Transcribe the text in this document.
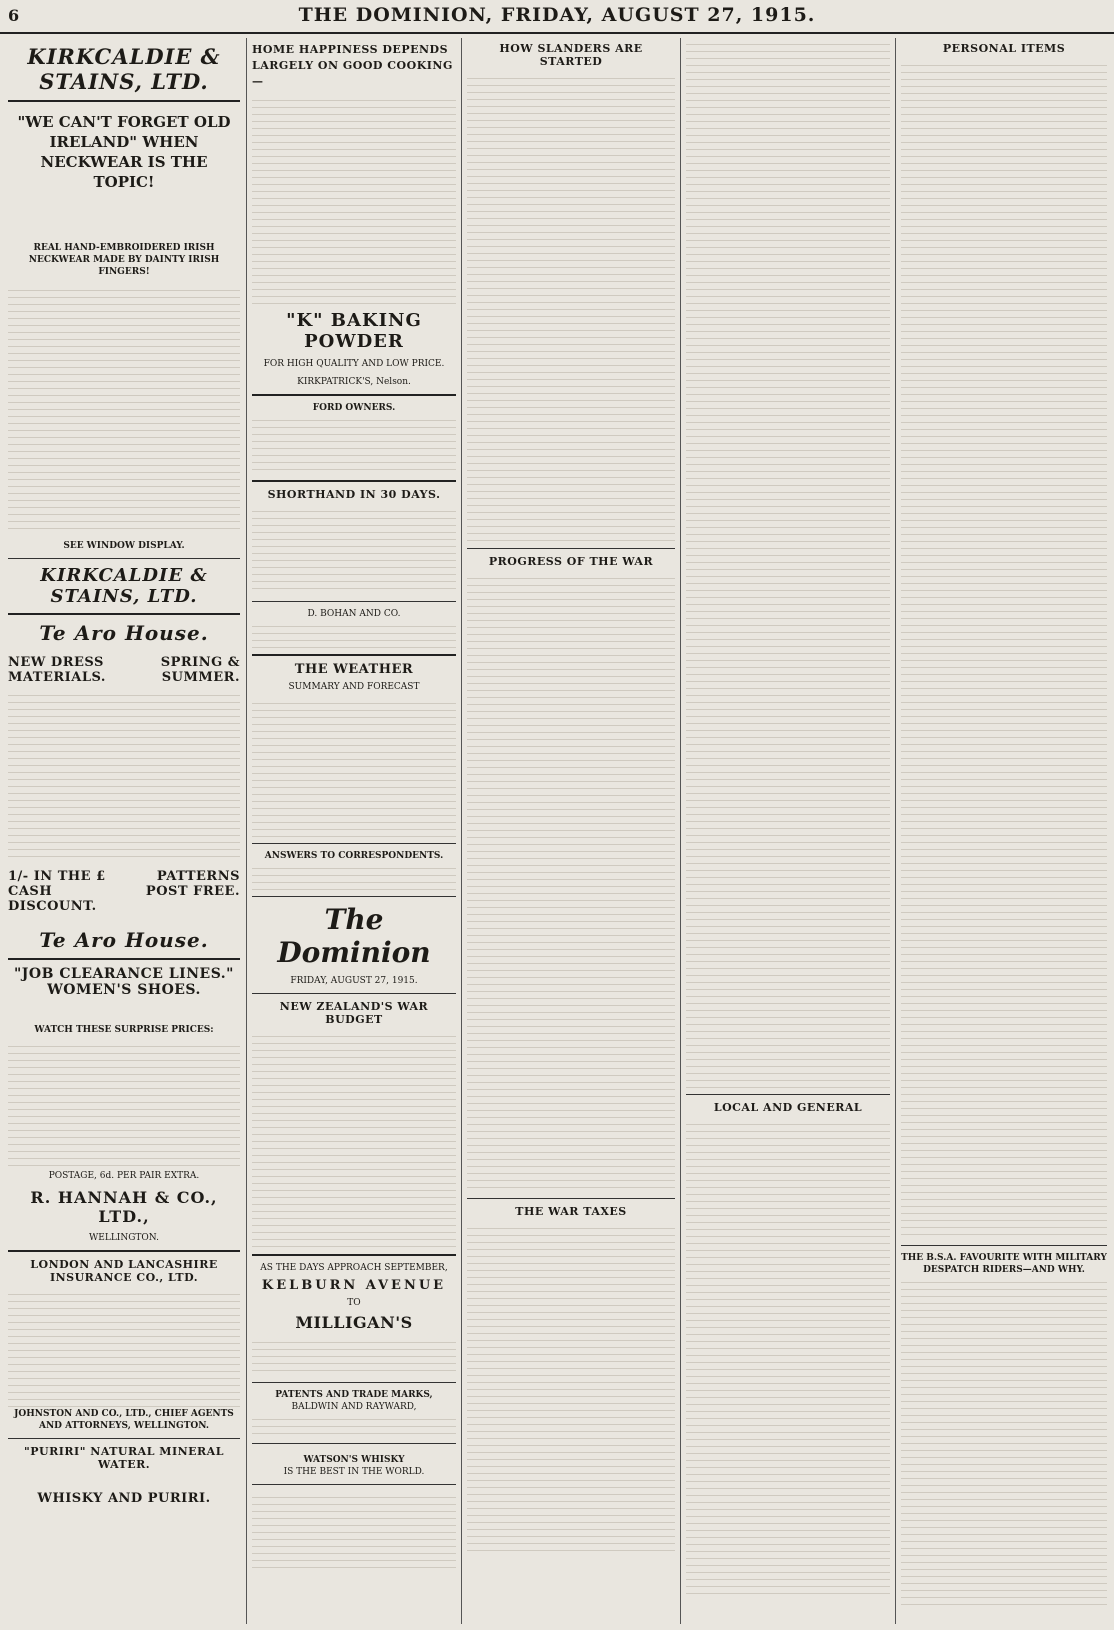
6	THE DOMINION, FRIDAY, AUGUST 27, 1915.
KIRKCALDIE & STAINS, LTD.
"WE CAN'T FORGET OLD IRELAND" WHEN NECKWEAR IS THE TOPIC!
REAL HAND-EMBROIDERED IRISH NECKWEAR MADE BY DAINTY IRISH FINGERS!
SEE WINDOW DISPLAY.
KIRKCALDIE & STAINS, LTD.
Te Aro House.
NEW DRESS MATERIALS.
SPRING & SUMMER.
1/- IN THE £ CASH DISCOUNT.
PATTERNS POST FREE.
Te Aro House.
"JOB CLEARANCE LINES." WOMEN'S SHOES.
WATCH THESE SURPRISE PRICES:
POSTAGE, 6d. PER PAIR EXTRA.
R. HANNAH & CO., LTD.,
WELLINGTON.
LONDON AND LANCASHIRE INSURANCE CO., LTD.
JOHNSTON AND CO., LTD., CHIEF AGENTS AND ATTORNEYS, WELLINGTON.
"PURIRI" NATURAL MINERAL WATER.
WHISKY AND PURIRI.
HOME HAPPINESS DEPENDS LARGELY ON GOOD COOKING—
"K" BAKING POWDER
FOR HIGH QUALITY AND LOW PRICE.
KIRKPATRICK'S, Nelson.
FORD OWNERS.
SHORTHAND IN 30 DAYS.
D. BOHAN AND CO.
THE WEATHER
SUMMARY AND FORECAST
ANSWERS TO CORRESPONDENTS.
The Dominion
FRIDAY, AUGUST 27, 1915.
NEW ZEALAND'S WAR BUDGET
HOW SLANDERS ARE STARTED
PROGRESS OF THE WAR
THE WAR TAXES
LOCAL AND GENERAL
PERSONAL ITEMS
THE B.S.A. FAVOURITE WITH MILITARY DESPATCH RIDERS—AND WHY.
AS THE DAYS APPROACH SEPTEMBER,
KELBURN AVENUE
TO
MILLIGAN'S
PATENTS AND TRADE MARKS,
BALDWIN AND RAYWARD,
WATSON'S WHISKY
IS THE BEST IN THE WORLD.
